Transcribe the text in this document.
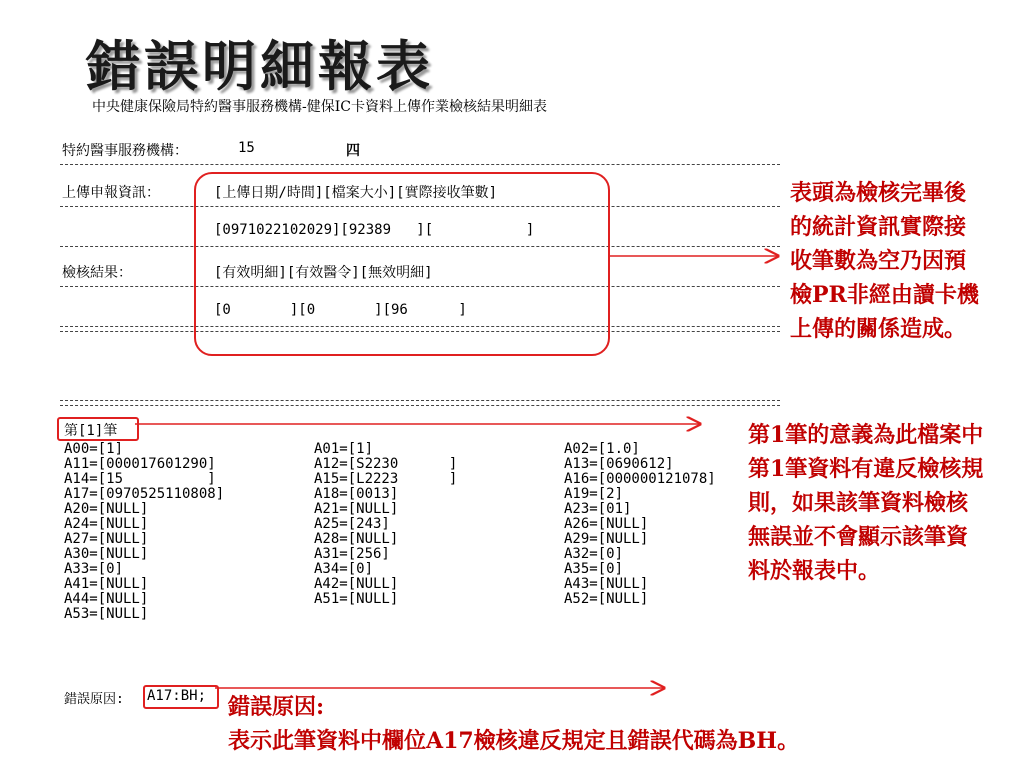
錯誤明細報表
中央健康保險局特約醫事服務機構-健保IC卡資料上傳作業檢核結果明細表
特約醫事服務機構：	15	四
上傳申報資訊：	[上傳日期/時間][檔案大小][實際接收筆數]
[0971022102029][92389   ][           ]
檢核結果：	[有效明細][有效醫令][無效明細]
[0       ][0       ][96      ]
表頭為檢核完畢後的統計資訊實際接收筆數為空乃因預檢PR非經由讀卡機上傳的關係造成。
第[1]筆
A00=[1]	A01=[1]	A02=[1.0]
A11=[000017601290]	A12=[S2230      ]	A13=[0690612]
A14=[15          ]	A15=[L2223      ]	A16=[000000121078]
A17=[0970525110808]	A18=[0013]	A19=[2]
A20=[NULL]	A21=[NULL]	A23=[01]
A24=[NULL]	A25=[243]	A26=[NULL]
A27=[NULL]	A28=[NULL]	A29=[NULL]
A30=[NULL]	A31=[256]	A32=[0]
A33=[0]	A34=[0]	A35=[0]
A41=[NULL]	A42=[NULL]	A43=[NULL]
A44=[NULL]	A51=[NULL]	A52=[NULL]
A53=[NULL]
錯誤原因: A17:BH;
第1筆的意義為此檔案中第1筆資料有違反檢核規則，如果該筆資料檢核無誤並不會顯示該筆資料於報表中。
錯誤原因:
表示此筆資料中欄位A17檢核違反規定且錯誤代碼為BH。
